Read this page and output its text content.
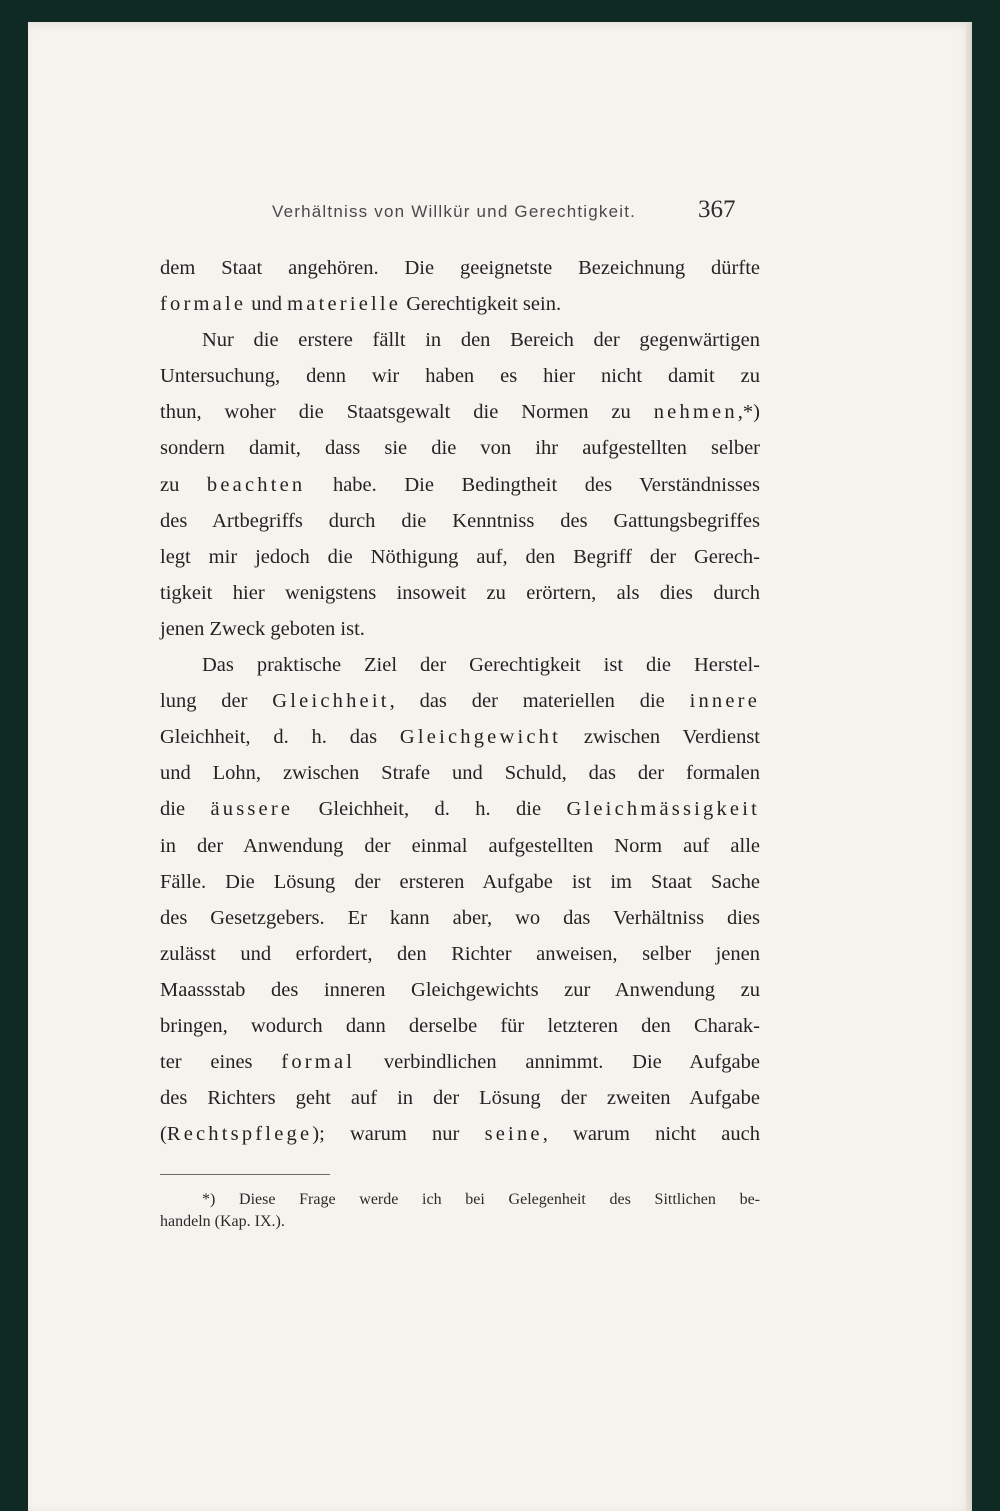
Verhältniss von Willkür und Gerechtigkeit. 367
dem Staat angehören. Die geeignetste Bezeichnung dürfte
formale und materielle Gerechtigkeit sein.
Nur die erstere fällt in den Bereich der gegenwärtigen
Untersuchung, denn wir haben es hier nicht damit zu
thun, woher die Staatsgewalt die Normen zu nehmen,*)
sondern damit, dass sie die von ihr aufgestellten selber
zu beachten habe. Die Bedingtheit des Verständnisses
des Artbegriffs durch die Kenntniss des Gattungsbegriffes
legt mir jedoch die Nöthigung auf, den Begriff der Gerech-
tigkeit hier wenigstens insoweit zu erörtern, als dies durch
jenen Zweck geboten ist.
Das praktische Ziel der Gerechtigkeit ist die Herstel-
lung der Gleichheit, das der materiellen die innere
Gleichheit, d. h. das Gleichgewicht zwischen Verdienst
und Lohn, zwischen Strafe und Schuld, das der formalen
die äussere Gleichheit, d. h. die Gleichmässigkeit
in der Anwendung der einmal aufgestellten Norm auf alle
Fälle. Die Lösung der ersteren Aufgabe ist im Staat Sache
des Gesetzgebers. Er kann aber, wo das Verhältniss dies
zulässt und erfordert, den Richter anweisen, selber jenen
Maassstab des inneren Gleichgewichts zur Anwendung zu
bringen, wodurch dann derselbe für letzteren den Charak-
ter eines formal verbindlichen annimmt. Die Aufgabe
des Richters geht auf in der Lösung der zweiten Aufgabe
(Rechtspflege); warum nur seine, warum nicht auch
*) Diese Frage werde ich bei Gelegenheit des Sittlichen be-
handeln (Kap. IX.).
